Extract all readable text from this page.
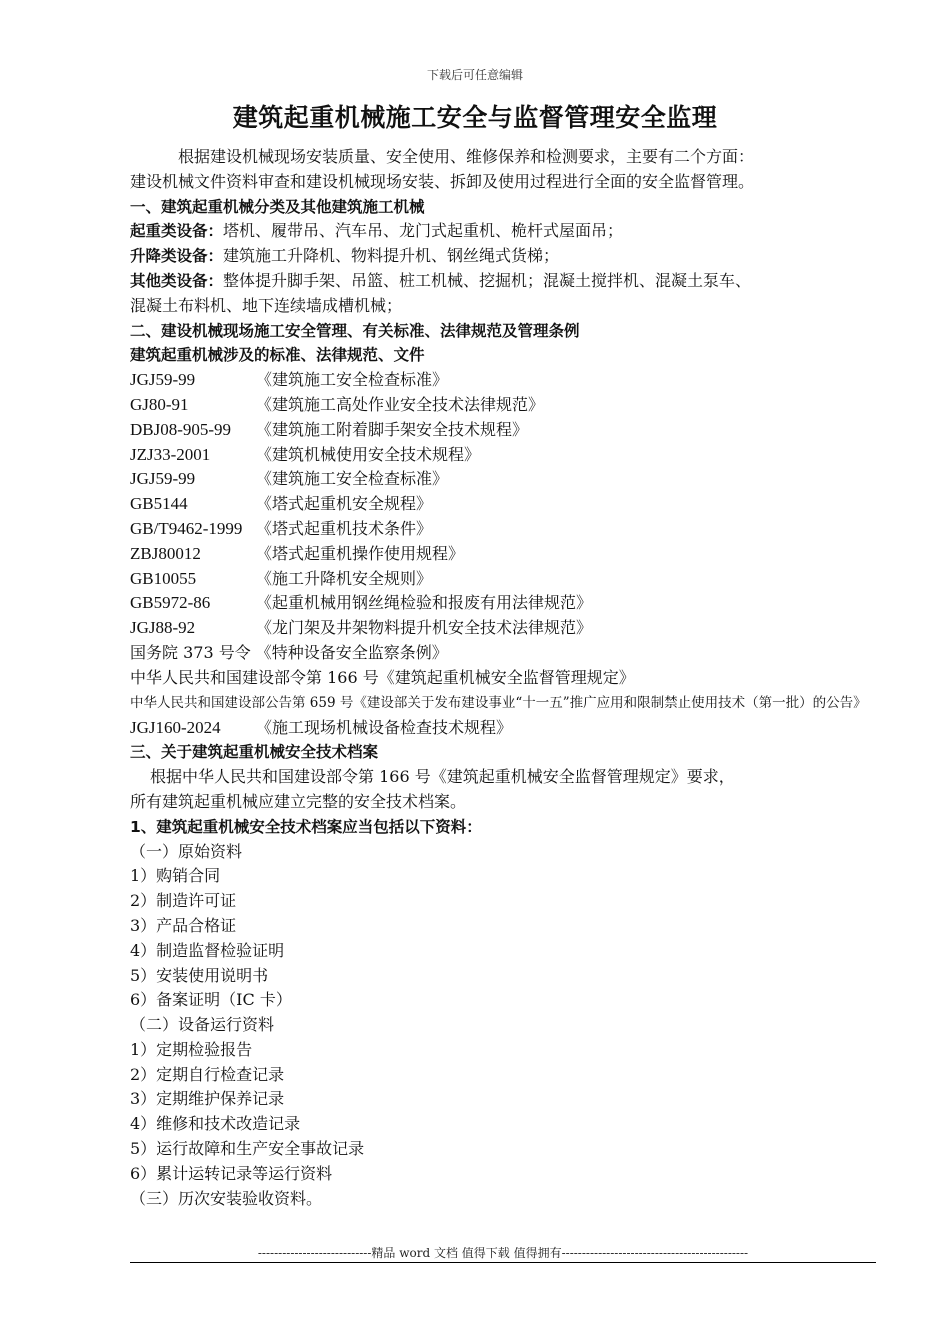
下载后可任意编辑
建筑起重机械施工安全与监督管理安全监理
根据建设机械现场安装质量、安全使用、维修保养和检测要求，主要有二个方面：
建设机械文件资料审查和建设机械现场安装、拆卸及使用过程进行全面的安全监督管理。
一、建筑起重机械分类及其他建筑施工机械
起重类设备：塔机、履带吊、汽车吊、龙门式起重机、桅杆式屋面吊；
升降类设备：建筑施工升降机、物料提升机、钢丝绳式货梯；
其他类设备：整体提升脚手架、吊篮、桩工机械、挖掘机；混凝土搅拌机、混凝土泵车、
混凝土布料机、地下连续墙成槽机械；
二、建设机械现场施工安全管理、有关标准、法律规范及管理条例
建筑起重机械涉及的标准、法律规范、文件
JGJ59-99	《建筑施工安全检查标准》
GJ80-91	《建筑施工高处作业安全技术法律规范》
DBJ08-905-99 《建筑施工附着脚手架安全技术规程》
JZJ33-2001	《建筑机械使用安全技术规程》
JGJ59-99	《建筑施工安全检查标准》
GB5144	《塔式起重机安全规程》
GB/T9462-1999 《塔式起重机技术条件》
ZBJ80012	《塔式起重机操作使用规程》
GB10055	《施工升降机安全规则》
GB5972-86	《起重机械用钢丝绳检验和报废有用法律规范》
JGJ88-92	《龙门架及井架物料提升机安全技术法律规范》
国务院 373 号令 《特种设备安全监察条例》
中华人民共和国建设部令第 166 号《建筑起重机械安全监督管理规定》
中华人民共和国建设部公告第 659 号《建设部关于发布建设事业“十一五”推广应用和限制禁止使用技术（第一批）的公告》
JGJ160-2024 《施工现场机械设备检查技术规程》
三、关于建筑起重机械安全技术档案
根据中华人民共和国建设部令第 166 号《建筑起重机械安全监督管理规定》要求，
所有建筑起重机械应建立完整的安全技术档案。
1、建筑起重机械安全技术档案应当包括以下资料：
（一）原始资料
1）购销合同
2）制造许可证
3）产品合格证
4）制造监督检验证明
5）安装使用说明书
6）备案证明（IC 卡）
（二）设备运行资料
1）定期检验报告
2）定期自行检查记录
3）定期维护保养记录
4）维修和技术改造记录
5）运行故障和生产安全事故记录
6）累计运转记录等运行资料
（三）历次安装验收资料。
----------------------------精品 word 文档 值得下载 值得拥有----------------------------------------------
